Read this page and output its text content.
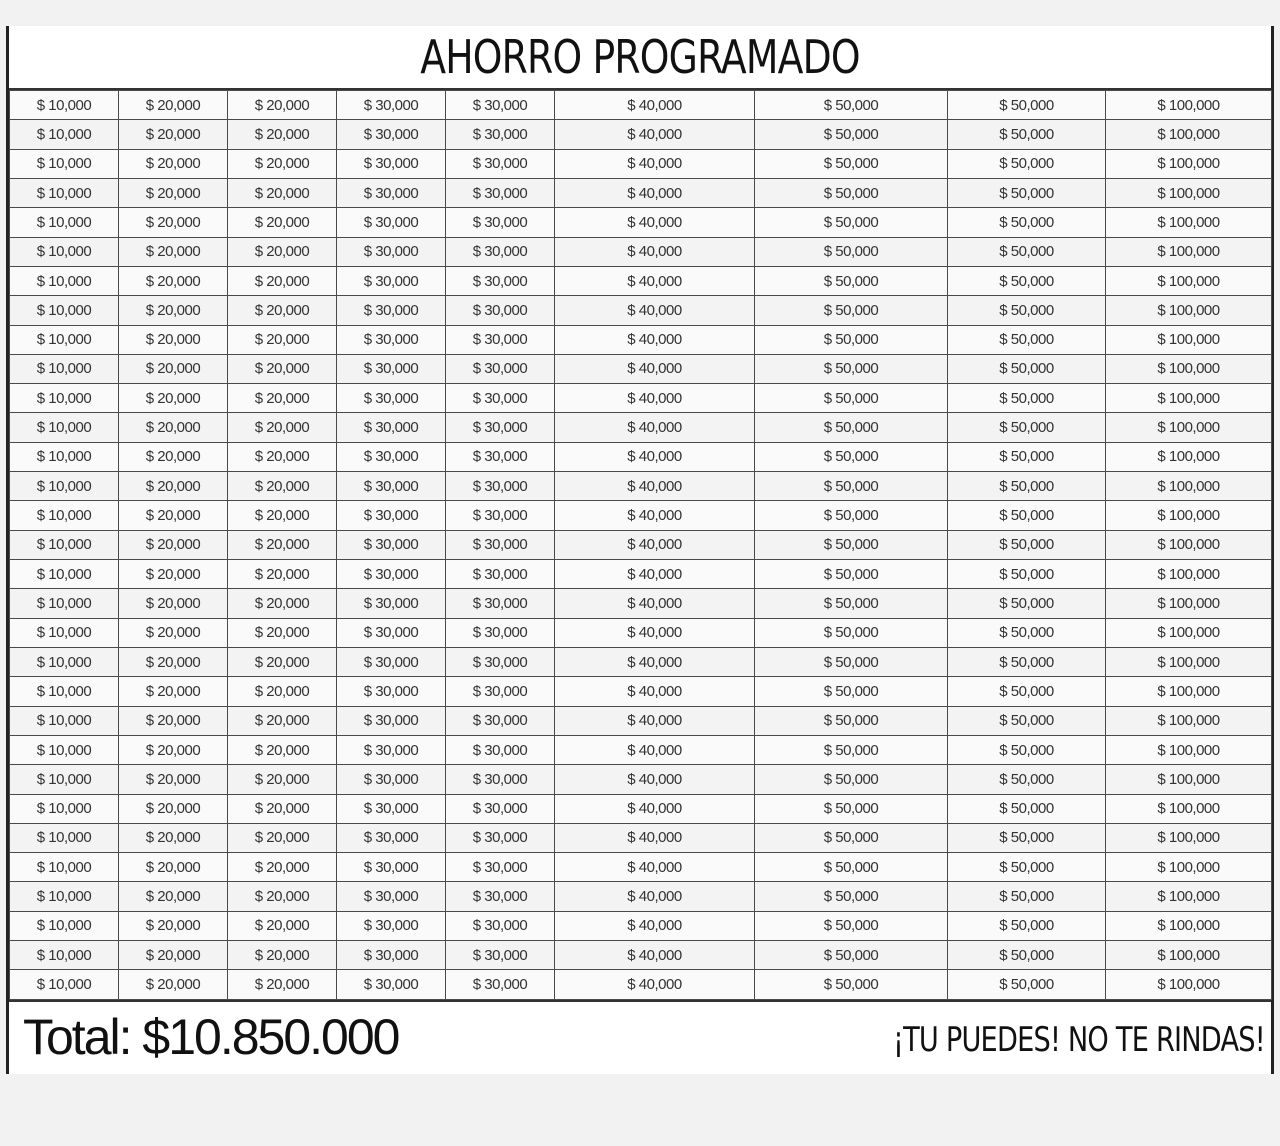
AHORRO PROGRAMADO
$ 10,000	$ 20,000	$ 20,000	$ 30,000	$ 30,000	$ 40,000	$ 50,000	$ 50,000	$ 100,000
$ 10,000	$ 20,000	$ 20,000	$ 30,000	$ 30,000	$ 40,000	$ 50,000	$ 50,000	$ 100,000
$ 10,000	$ 20,000	$ 20,000	$ 30,000	$ 30,000	$ 40,000	$ 50,000	$ 50,000	$ 100,000
$ 10,000	$ 20,000	$ 20,000	$ 30,000	$ 30,000	$ 40,000	$ 50,000	$ 50,000	$ 100,000
$ 10,000	$ 20,000	$ 20,000	$ 30,000	$ 30,000	$ 40,000	$ 50,000	$ 50,000	$ 100,000
$ 10,000	$ 20,000	$ 20,000	$ 30,000	$ 30,000	$ 40,000	$ 50,000	$ 50,000	$ 100,000
$ 10,000	$ 20,000	$ 20,000	$ 30,000	$ 30,000	$ 40,000	$ 50,000	$ 50,000	$ 100,000
$ 10,000	$ 20,000	$ 20,000	$ 30,000	$ 30,000	$ 40,000	$ 50,000	$ 50,000	$ 100,000
$ 10,000	$ 20,000	$ 20,000	$ 30,000	$ 30,000	$ 40,000	$ 50,000	$ 50,000	$ 100,000
$ 10,000	$ 20,000	$ 20,000	$ 30,000	$ 30,000	$ 40,000	$ 50,000	$ 50,000	$ 100,000
$ 10,000	$ 20,000	$ 20,000	$ 30,000	$ 30,000	$ 40,000	$ 50,000	$ 50,000	$ 100,000
$ 10,000	$ 20,000	$ 20,000	$ 30,000	$ 30,000	$ 40,000	$ 50,000	$ 50,000	$ 100,000
$ 10,000	$ 20,000	$ 20,000	$ 30,000	$ 30,000	$ 40,000	$ 50,000	$ 50,000	$ 100,000
$ 10,000	$ 20,000	$ 20,000	$ 30,000	$ 30,000	$ 40,000	$ 50,000	$ 50,000	$ 100,000
$ 10,000	$ 20,000	$ 20,000	$ 30,000	$ 30,000	$ 40,000	$ 50,000	$ 50,000	$ 100,000
$ 10,000	$ 20,000	$ 20,000	$ 30,000	$ 30,000	$ 40,000	$ 50,000	$ 50,000	$ 100,000
$ 10,000	$ 20,000	$ 20,000	$ 30,000	$ 30,000	$ 40,000	$ 50,000	$ 50,000	$ 100,000
$ 10,000	$ 20,000	$ 20,000	$ 30,000	$ 30,000	$ 40,000	$ 50,000	$ 50,000	$ 100,000
$ 10,000	$ 20,000	$ 20,000	$ 30,000	$ 30,000	$ 40,000	$ 50,000	$ 50,000	$ 100,000
$ 10,000	$ 20,000	$ 20,000	$ 30,000	$ 30,000	$ 40,000	$ 50,000	$ 50,000	$ 100,000
$ 10,000	$ 20,000	$ 20,000	$ 30,000	$ 30,000	$ 40,000	$ 50,000	$ 50,000	$ 100,000
$ 10,000	$ 20,000	$ 20,000	$ 30,000	$ 30,000	$ 40,000	$ 50,000	$ 50,000	$ 100,000
$ 10,000	$ 20,000	$ 20,000	$ 30,000	$ 30,000	$ 40,000	$ 50,000	$ 50,000	$ 100,000
$ 10,000	$ 20,000	$ 20,000	$ 30,000	$ 30,000	$ 40,000	$ 50,000	$ 50,000	$ 100,000
$ 10,000	$ 20,000	$ 20,000	$ 30,000	$ 30,000	$ 40,000	$ 50,000	$ 50,000	$ 100,000
$ 10,000	$ 20,000	$ 20,000	$ 30,000	$ 30,000	$ 40,000	$ 50,000	$ 50,000	$ 100,000
$ 10,000	$ 20,000	$ 20,000	$ 30,000	$ 30,000	$ 40,000	$ 50,000	$ 50,000	$ 100,000
$ 10,000	$ 20,000	$ 20,000	$ 30,000	$ 30,000	$ 40,000	$ 50,000	$ 50,000	$ 100,000
$ 10,000	$ 20,000	$ 20,000	$ 30,000	$ 30,000	$ 40,000	$ 50,000	$ 50,000	$ 100,000
$ 10,000	$ 20,000	$ 20,000	$ 30,000	$ 30,000	$ 40,000	$ 50,000	$ 50,000	$ 100,000
$ 10,000	$ 20,000	$ 20,000	$ 30,000	$ 30,000	$ 40,000	$ 50,000	$ 50,000	$ 100,000
Total: $10.850.000	¡TU PUEDES! NO TE RINDAS!
